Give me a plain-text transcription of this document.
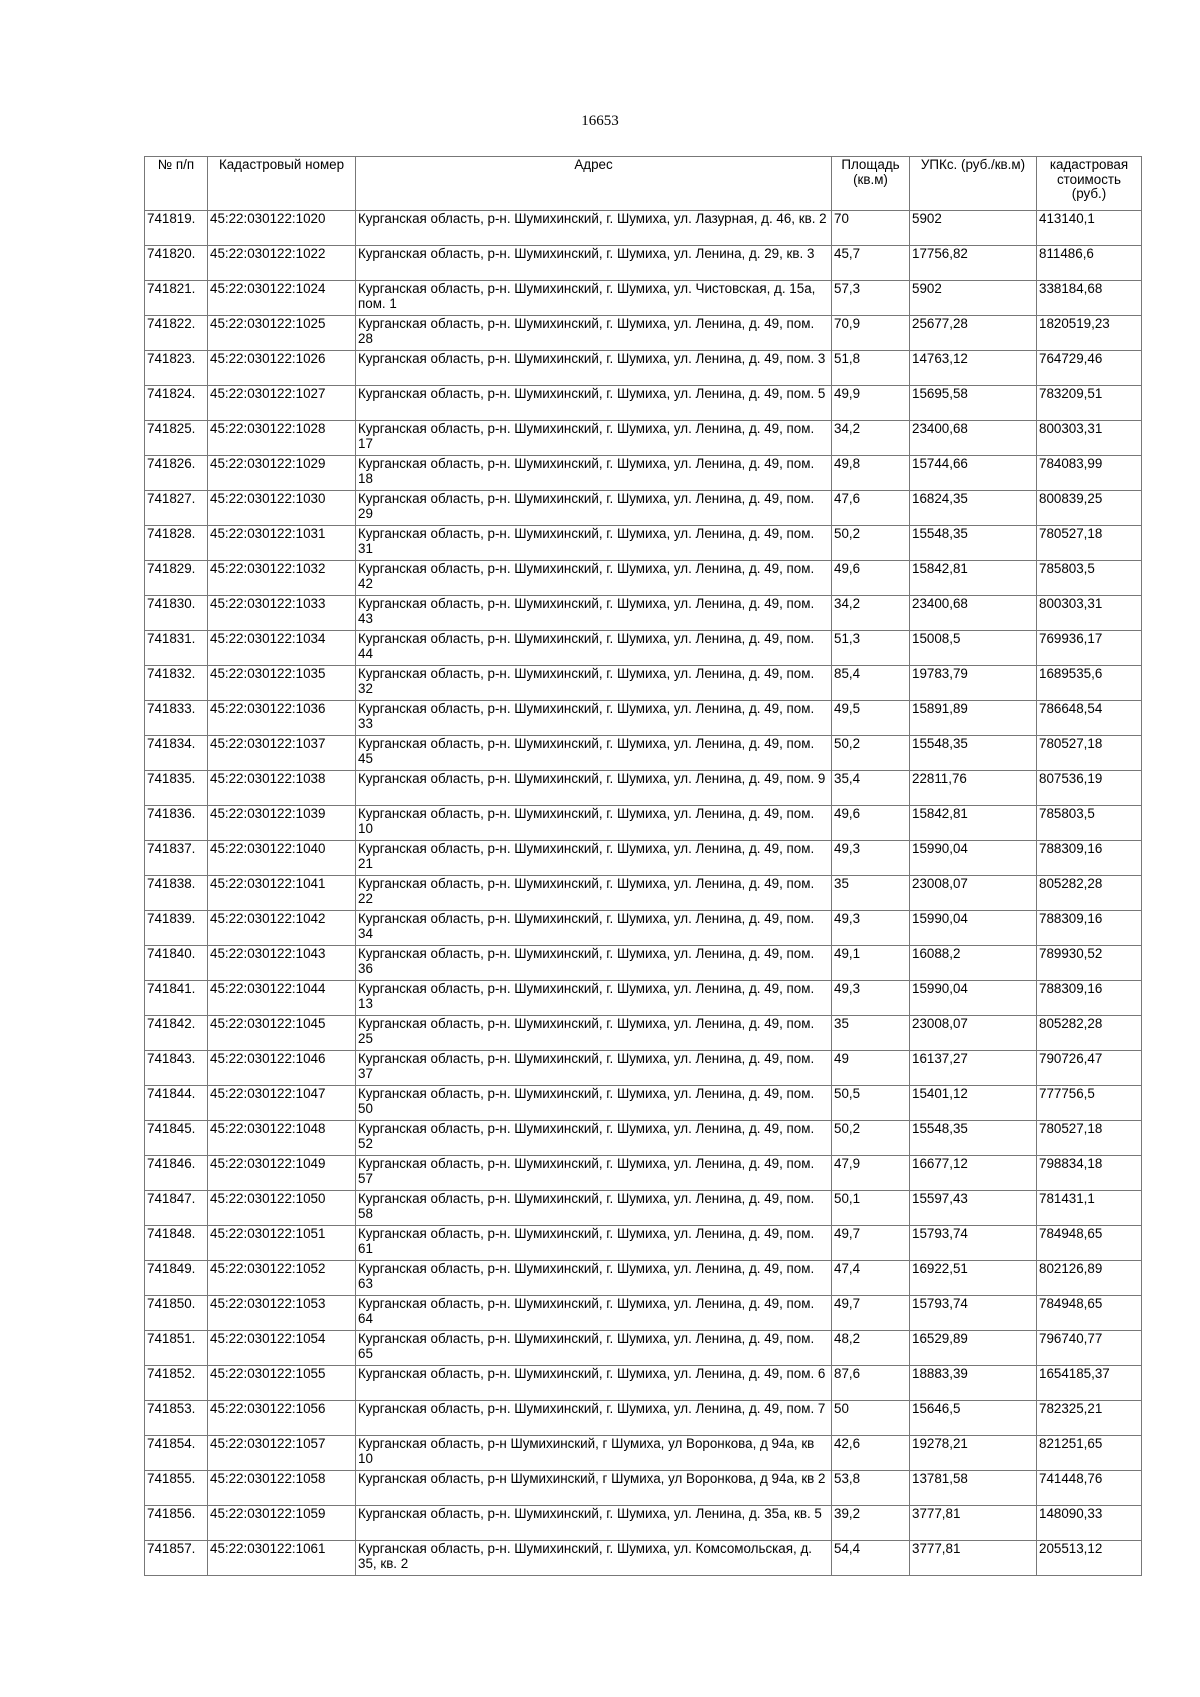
16653
№ п/п	Кадастровый номер	Адрес	Площадь (кв.м)	УПКс. (руб./кв.м)	кадастровая стоимость (руб.)
741819.	45:22:030122:1020	Курганская область, р-н. Шумихинский, г. Шумиха, ул. Лазурная, д. 46, кв. 2	70	5902	413140,1
741820.	45:22:030122:1022	Курганская область, р-н. Шумихинский, г. Шумиха, ул. Ленина, д. 29, кв. 3	45,7	17756,82	811486,6
741821.	45:22:030122:1024	Курганская область, р-н. Шумихинский, г. Шумиха, ул. Чистовская, д. 15а, пом. 1	57,3	5902	338184,68
741822.	45:22:030122:1025	Курганская область, р-н. Шумихинский, г. Шумиха, ул. Ленина, д. 49, пом. 28	70,9	25677,28	1820519,23
741823.	45:22:030122:1026	Курганская область, р-н. Шумихинский, г. Шумиха, ул. Ленина, д. 49, пом. 3	51,8	14763,12	764729,46
741824.	45:22:030122:1027	Курганская область, р-н. Шумихинский, г. Шумиха, ул. Ленина, д. 49, пом. 5	49,9	15695,58	783209,51
741825.	45:22:030122:1028	Курганская область, р-н. Шумихинский, г. Шумиха, ул. Ленина, д. 49, пом. 17	34,2	23400,68	800303,31
741826.	45:22:030122:1029	Курганская область, р-н. Шумихинский, г. Шумиха, ул. Ленина, д. 49, пом. 18	49,8	15744,66	784083,99
741827.	45:22:030122:1030	Курганская область, р-н. Шумихинский, г. Шумиха, ул. Ленина, д. 49, пом. 29	47,6	16824,35	800839,25
741828.	45:22:030122:1031	Курганская область, р-н. Шумихинский, г. Шумиха, ул. Ленина, д. 49, пом. 31	50,2	15548,35	780527,18
741829.	45:22:030122:1032	Курганская область, р-н. Шумихинский, г. Шумиха, ул. Ленина, д. 49, пом. 42	49,6	15842,81	785803,5
741830.	45:22:030122:1033	Курганская область, р-н. Шумихинский, г. Шумиха, ул. Ленина, д. 49, пом. 43	34,2	23400,68	800303,31
741831.	45:22:030122:1034	Курганская область, р-н. Шумихинский, г. Шумиха, ул. Ленина, д. 49, пом. 44	51,3	15008,5	769936,17
741832.	45:22:030122:1035	Курганская область, р-н. Шумихинский, г. Шумиха, ул. Ленина, д. 49, пом. 32	85,4	19783,79	1689535,6
741833.	45:22:030122:1036	Курганская область, р-н. Шумихинский, г. Шумиха, ул. Ленина, д. 49, пом. 33	49,5	15891,89	786648,54
741834.	45:22:030122:1037	Курганская область, р-н. Шумихинский, г. Шумиха, ул. Ленина, д. 49, пом. 45	50,2	15548,35	780527,18
741835.	45:22:030122:1038	Курганская область, р-н. Шумихинский, г. Шумиха, ул. Ленина, д. 49, пом. 9	35,4	22811,76	807536,19
741836.	45:22:030122:1039	Курганская область, р-н. Шумихинский, г. Шумиха, ул. Ленина, д. 49, пом. 10	49,6	15842,81	785803,5
741837.	45:22:030122:1040	Курганская область, р-н. Шумихинский, г. Шумиха, ул. Ленина, д. 49, пом. 21	49,3	15990,04	788309,16
741838.	45:22:030122:1041	Курганская область, р-н. Шумихинский, г. Шумиха, ул. Ленина, д. 49, пом. 22	35	23008,07	805282,28
741839.	45:22:030122:1042	Курганская область, р-н. Шумихинский, г. Шумиха, ул. Ленина, д. 49, пом. 34	49,3	15990,04	788309,16
741840.	45:22:030122:1043	Курганская область, р-н. Шумихинский, г. Шумиха, ул. Ленина, д. 49, пом. 36	49,1	16088,2	789930,52
741841.	45:22:030122:1044	Курганская область, р-н. Шумихинский, г. Шумиха, ул. Ленина, д. 49, пом. 13	49,3	15990,04	788309,16
741842.	45:22:030122:1045	Курганская область, р-н. Шумихинский, г. Шумиха, ул. Ленина, д. 49, пом. 25	35	23008,07	805282,28
741843.	45:22:030122:1046	Курганская область, р-н. Шумихинский, г. Шумиха, ул. Ленина, д. 49, пом. 37	49	16137,27	790726,47
741844.	45:22:030122:1047	Курганская область, р-н. Шумихинский, г. Шумиха, ул. Ленина, д. 49, пом. 50	50,5	15401,12	777756,5
741845.	45:22:030122:1048	Курганская область, р-н. Шумихинский, г. Шумиха, ул. Ленина, д. 49, пом. 52	50,2	15548,35	780527,18
741846.	45:22:030122:1049	Курганская область, р-н. Шумихинский, г. Шумиха, ул. Ленина, д. 49, пом. 57	47,9	16677,12	798834,18
741847.	45:22:030122:1050	Курганская область, р-н. Шумихинский, г. Шумиха, ул. Ленина, д. 49, пом. 58	50,1	15597,43	781431,1
741848.	45:22:030122:1051	Курганская область, р-н. Шумихинский, г. Шумиха, ул. Ленина, д. 49, пом. 61	49,7	15793,74	784948,65
741849.	45:22:030122:1052	Курганская область, р-н. Шумихинский, г. Шумиха, ул. Ленина, д. 49, пом. 63	47,4	16922,51	802126,89
741850.	45:22:030122:1053	Курганская область, р-н. Шумихинский, г. Шумиха, ул. Ленина, д. 49, пом. 64	49,7	15793,74	784948,65
741851.	45:22:030122:1054	Курганская область, р-н. Шумихинский, г. Шумиха, ул. Ленина, д. 49, пом. 65	48,2	16529,89	796740,77
741852.	45:22:030122:1055	Курганская область, р-н. Шумихинский, г. Шумиха, ул. Ленина, д. 49, пом. 6	87,6	18883,39	1654185,37
741853.	45:22:030122:1056	Курганская область, р-н. Шумихинский, г. Шумиха, ул. Ленина, д. 49, пом. 7	50	15646,5	782325,21
741854.	45:22:030122:1057	Курганская область, р-н Шумихинский, г Шумиха, ул Воронкова, д 94а, кв 10	42,6	19278,21	821251,65
741855.	45:22:030122:1058	Курганская область, р-н Шумихинский, г Шумиха, ул Воронкова, д 94а, кв 2	53,8	13781,58	741448,76
741856.	45:22:030122:1059	Курганская область, р-н. Шумихинский, г. Шумиха, ул. Ленина, д. 35а, кв. 5	39,2	3777,81	148090,33
741857.	45:22:030122:1061	Курганская область, р-н. Шумихинский, г. Шумиха, ул. Комсомольская, д. 35, кв. 2	54,4	3777,81	205513,12
